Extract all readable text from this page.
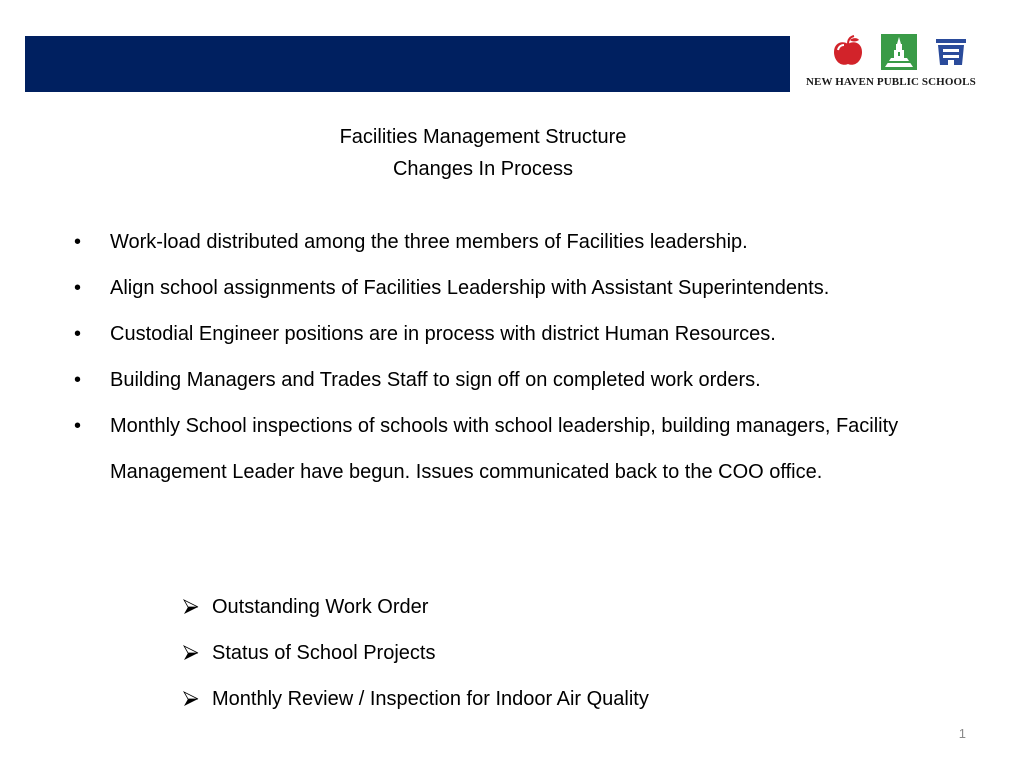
NEW HAVEN PUBLIC SCHOOLS
Facilities Management Structure
Changes In Process
• Work-load distributed among the three members of Facilities leadership.
• Align school assignments of Facilities Leadership with Assistant Superintendents.
• Custodial Engineer positions are in process with district Human Resources.
• Building Managers and Trades Staff to sign off on completed work orders.
• Monthly School inspections of schools with school leadership, building managers, Facility Management Leader have begun. Issues communicated back to the COO office.
Outstanding Work Order
Status of School Projects
Monthly Review / Inspection for Indoor Air Quality
1
